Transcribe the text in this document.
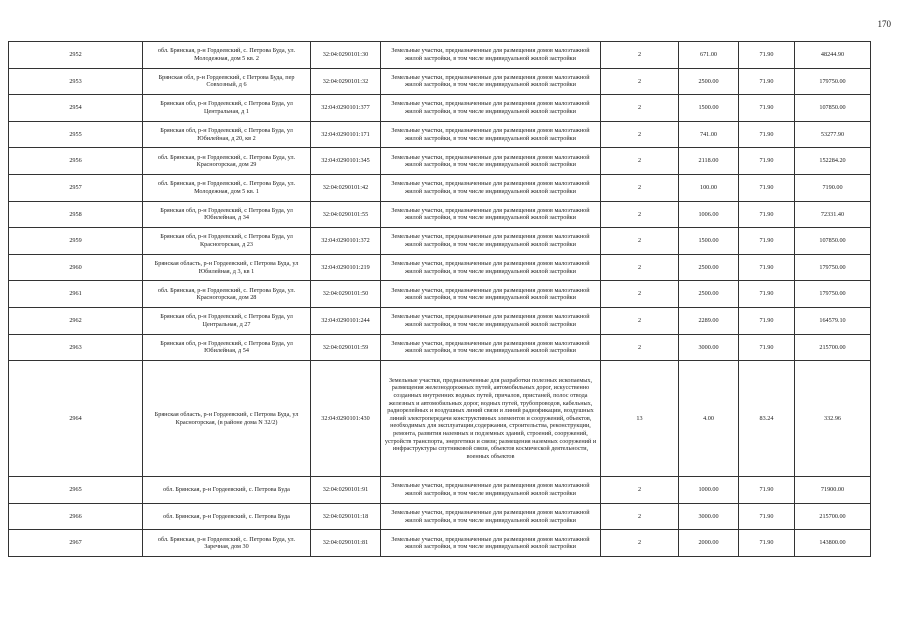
170
2952	обл. Брянская, р-н Гордеевский, с. Петрова Буда, ул. Молодежная, дом 5 кв. 2	32:04:0290101:30	Земельные участки, предназначенные для размещения домов малоэтажной жилой застройки, в том числе индивидуальной жилой застройки	2	671.00	71.90	48244.90
2953	Брянская обл, р-н Гордеевский, с Петрова Буда, пер Совхозный, д 6	32:04:0290101:32	Земельные участки, предназначенные для размещения домов малоэтажной жилой застройки, в том числе индивидуальной жилой застройки	2	2500.00	71.90	179750.00
2954	Брянская обл, р-н Гордеевский, с Петрова Буда, ул Центральная, д 1	32:04:0290101:377	Земельные участки, предназначенные для размещения домов малоэтажной жилой застройки, в том числе индивидуальной жилой застройки	2	1500.00	71.90	107850.00
2955	Брянская обл, р-н Гордеевский, с Петрова Буда, ул Юбилейная, д 20, кв 2	32:04:0290101:171	Земельные участки, предназначенные для размещения домов малоэтажной жилой застройки, в том числе индивидуальной жилой застройки	2	741.00	71.90	53277.90
2956	обл. Брянская, р-н Гордеевский, с. Петрова Буда, ул. Красногорская, дом 29	32:04:0290101:345	Земельные участки, предназначенные для размещения домов малоэтажной жилой застройки, в том числе индивидуальной жилой застройки	2	2118.00	71.90	152284.20
2957	обл. Брянская, р-н Гордеевский, с. Петрова Буда, ул. Молодежная, дом 5 кв. 1	32:04:0290101:42	Земельные участки, предназначенные для размещения домов малоэтажной жилой застройки, в том числе индивидуальной жилой застройки	2	100.00	71.90	7190.00
2958	Брянская обл, р-н Гордеевский, с Петрова Буда, ул Юбилейная, д 34	32:04:0290101:55	Земельные участки, предназначенные для размещения домов малоэтажной жилой застройки, в том числе индивидуальной жилой застройки	2	1006.00	71.90	72331.40
2959	Брянская обл, р-н Гордеевский, с Петрова Буда, ул Красногорская, д 23	32:04:0290101:372	Земельные участки, предназначенные для размещения домов малоэтажной жилой застройки, в том числе индивидуальной жилой застройки	2	1500.00	71.90	107850.00
2960	Брянская область, р-н Гордеевский, с Петрова Буда, ул Юбилейная, д 3, кв 1	32:04:0290101:219	Земельные участки, предназначенные для размещения домов малоэтажной жилой застройки, в том числе индивидуальной жилой застройки	2	2500.00	71.90	179750.00
2961	обл. Брянская, р-н Гордеевский, с. Петрова Буда, ул. Красногорская, дом 28	32:04:0290101:50	Земельные участки, предназначенные для размещения домов малоэтажной жилой застройки, в том числе индивидуальной жилой застройки	2	2500.00	71.90	179750.00
2962	Брянская обл, р-н Гордеевский, с Петрова Буда, ул Центральная, д 27	32:04:0290101:244	Земельные участки, предназначенные для размещения домов малоэтажной жилой застройки, в том числе индивидуальной жилой застройки	2	2289.00	71.90	164579.10
2963	Брянская обл, р-н Гордеевский, с Петрова Буда, ул Юбилейная, д 54	32:04:0290101:59	Земельные участки, предназначенные для размещения домов малоэтажной жилой застройки, в том числе индивидуальной жилой застройки	2	3000.00	71.90	215700.00
2964	Брянская область, р-н Гордеевский, с Петрова Буда, ул Красногорская, (в районе дома N 32/2)	32:04:0290101:430	Земельные участки, предназначенные для разработки полезных ископаемых, размещения железнодорожных путей, автомобильных дорог, искусственно созданных внутренних водных путей, причалов, пристаней, полос отвода железных и автомобильных дорог, водных путей, трубопроводов, кабельных, радиорелейных и воздушных линий связи и линий радиофикации, воздушных линий электропередачи конструктивных элементов и сооружений, объектов, необходимых для эксплуатации,содержания, строительства, реконструкции, ремонта, развития наземных и подземных зданий, строений, сооружений, устройств транспорта, энергетики и связи; размещения наземных сооружений и инфраструктуры спутниковой связи, объектов космической деятельности, военных объектов	13	4.00	83.24	332.96
2965	обл. Брянская, р-н Гордеевский, с. Петрова Буда	32:04:0290101:91	Земельные участки, предназначенные для размещения домов малоэтажной жилой застройки, в том числе индивидуальной жилой застройки	2	1000.00	71.90	71900.00
2966	обл. Брянская, р-н Гордеевский, с. Петрова Буда	32:04:0290101:18	Земельные участки, предназначенные для размещения домов малоэтажной жилой застройки, в том числе индивидуальной жилой застройки	2	3000.00	71.90	215700.00
2967	обл. Брянская, р-н Гордеевский, с. Петрова Буда, ул. Заречная, дом 30	32:04:0290101:81	Земельные участки, предназначенные для размещения домов малоэтажной жилой застройки, в том числе индивидуальной жилой застройки	2	2000.00	71.90	143800.00
